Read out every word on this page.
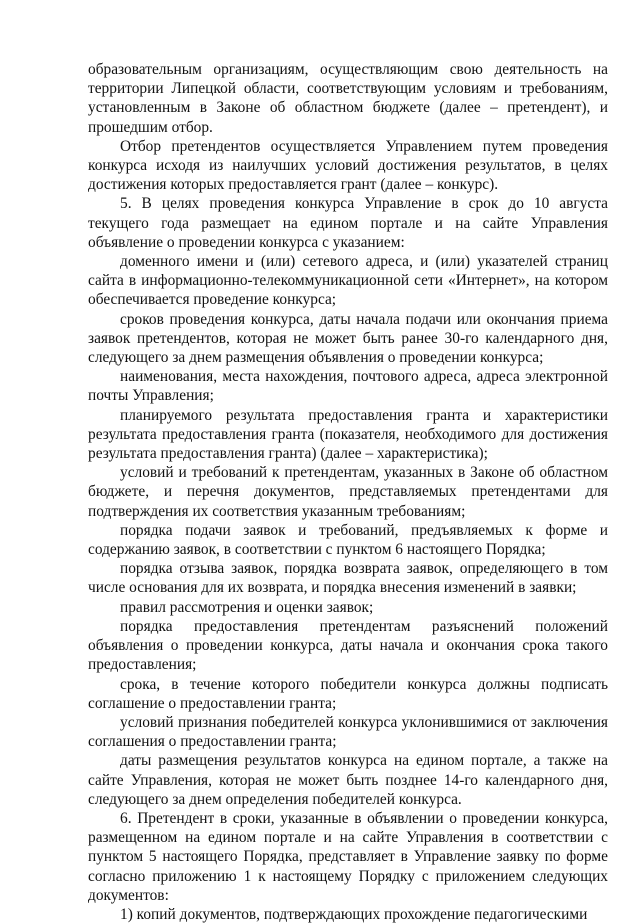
образовательным организациям, осуществляющим свою деятельность на территории Липецкой области, соответствующим условиям и требованиям, установленным в Законе об областном бюджете (далее – претендент), и прошедшим отбор.

Отбор претендентов осуществляется Управлением путем проведения конкурса исходя из наилучших условий достижения результатов, в целях достижения которых предоставляется грант (далее – конкурс).

5. В целях проведения конкурса Управление в срок до 10 августа текущего года размещает на едином портале и на сайте Управления объявление о проведении конкурса с указанием:

доменного имени и (или) сетевого адреса, и (или) указателей страниц сайта в информационно-телекоммуникационной сети «Интернет», на котором обеспечивается проведение конкурса;

сроков проведения конкурса, даты начала подачи или окончания приема заявок претендентов, которая не может быть ранее 30-го календарного дня, следующего за днем размещения объявления о проведении конкурса;

наименования, места нахождения, почтового адреса, адреса электронной почты Управления;

планируемого результата предоставления гранта и характеристики результата предоставления гранта (показателя, необходимого для достижения результата предоставления гранта) (далее – характеристика);

условий и требований к претендентам, указанных в Законе об областном бюджете, и перечня документов, представляемых претендентами для подтверждения их соответствия указанным требованиям;

порядка подачи заявок и требований, предъявляемых к форме и содержанию заявок, в соответствии с пунктом 6 настоящего Порядка;

порядка отзыва заявок, порядка возврата заявок, определяющего в том числе основания для их возврата, и порядка внесения изменений в заявки;

правил рассмотрения и оценки заявок;

порядка предоставления претендентам разъяснений положений объявления о проведении конкурса, даты начала и окончания срока такого предоставления;

срока, в течение которого победители конкурса должны подписать соглашение о предоставлении гранта;

условий признания победителей конкурса уклонившимися от заключения соглашения о предоставлении гранта;

даты размещения результатов конкурса на едином портале, а также на сайте Управления, которая не может быть позднее 14-го календарного дня, следующего за днем определения победителей конкурса.

6. Претендент в сроки, указанные в объявлении о проведении конкурса, размещенном на едином портале и на сайте Управления в соответствии с пунктом 5 настоящего Порядка, представляет в Управление заявку по форме согласно приложению 1 к настоящему Порядку с приложением следующих документов:

1) копий документов, подтверждающих прохождение педагогическими
